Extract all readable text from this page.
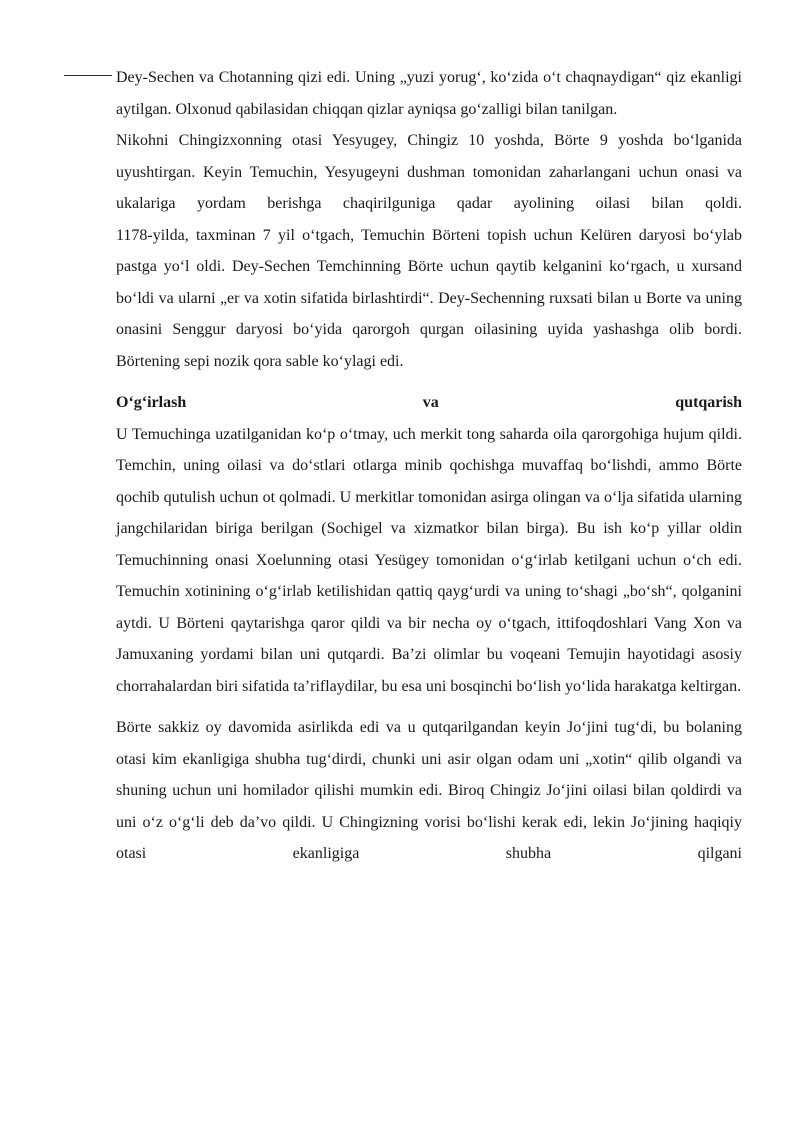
Dey-Sechen va Chotanning qizi edi. Uning „yuzi yorug‘, ko‘zida o‘t chaqnaydigan“ qiz ekanligi aytilgan. Olxonud qabilasidan chiqqan qizlar ayniqsa go‘zalligi bilan tanilgan.

Nikohni Chingizxonning otasi Yesyugey, Chingiz 10 yoshda, Börte 9 yoshda bo‘lganida uyushtirgan. Keyin Temuchin, Yesyugeyni dushman tomonidan zaharlangani uchun onasi va ukalariga yordam berishga chaqirilguniga qadar ayolining oilasi bilan qoldi.

1178-yilda, taxminan 7 yil o‘tgach, Temuchin Börteni topish uchun Kelüren daryosi bo‘ylab pastga yo‘l oldi. Dey-Sechen Temchinning Börte uchun qaytib kelganini ko‘rgach, u xursand bo‘ldi va ularni „er va xotin sifatida birlashtirdi“. Dey-Sechenning ruxsati bilan u Borte va uning onasini Senggur daryosi bo‘yida qarorgoh qurgan oilasining uyida yashashga olib bordi. Börtening sepi nozik qora sable ko‘ylagi edi.

O‘g‘irlash	va	qutqarish

U Temuchinga uzatilganidan ko‘p o‘tmay, uch merkit tong saharda oila qarorgohiga hujum qildi. Temchin, uning oilasi va do‘stlari otlarga minib qochishga muvaffaq bo‘lishdi, ammo Börte qochib qutulish uchun ot qolmadi. U merkitlar tomonidan asirga olingan va o‘lja sifatida ularning jangchilaridan biriga berilgan (Sochigel va xizmatkor bilan birga). Bu ish ko‘p yillar oldin Temuchinning onasi Xoelunning otasi Yesügey tomonidan o‘g‘irlab ketilgani uchun o‘ch edi. Temuchin xotinining o‘g‘irlab ketilishidan qattiq qayg‘urdi va uning to‘shagi „bo‘sh“, qolganini aytdi. U Börteni qaytarishga qaror qildi va bir necha oy o‘tgach, ittifoqdoshlari Vang Xon va Jamuxaning yordami bilan uni qutqardi. Ba’zi olimlar bu voqeani Temujin hayotidagi asosiy chorrahalardan biri sifatida ta’riflaydilar, bu esa uni bosqinchi bo‘lish yo‘lida harakatga keltirgan.

Börte sakkiz oy davomida asirlikda edi va u qutqarilgandan keyin Jo‘jini tug‘di, bu bolaning otasi kim ekanligiga shubha tug‘dirdi, chunki uni asir olgan odam uni „xotin“ qilib olgandi va shuning uchun uni homilador qilishi mumkin edi. Biroq Chingiz Jo‘jini oilasi bilan qoldirdi va uni o‘z o‘g‘li deb da’vo qildi. U Chingizning vorisi bo‘lishi kerak edi, lekin Jo‘jining haqiqiy otasi ekanligiga shubha qilgani
